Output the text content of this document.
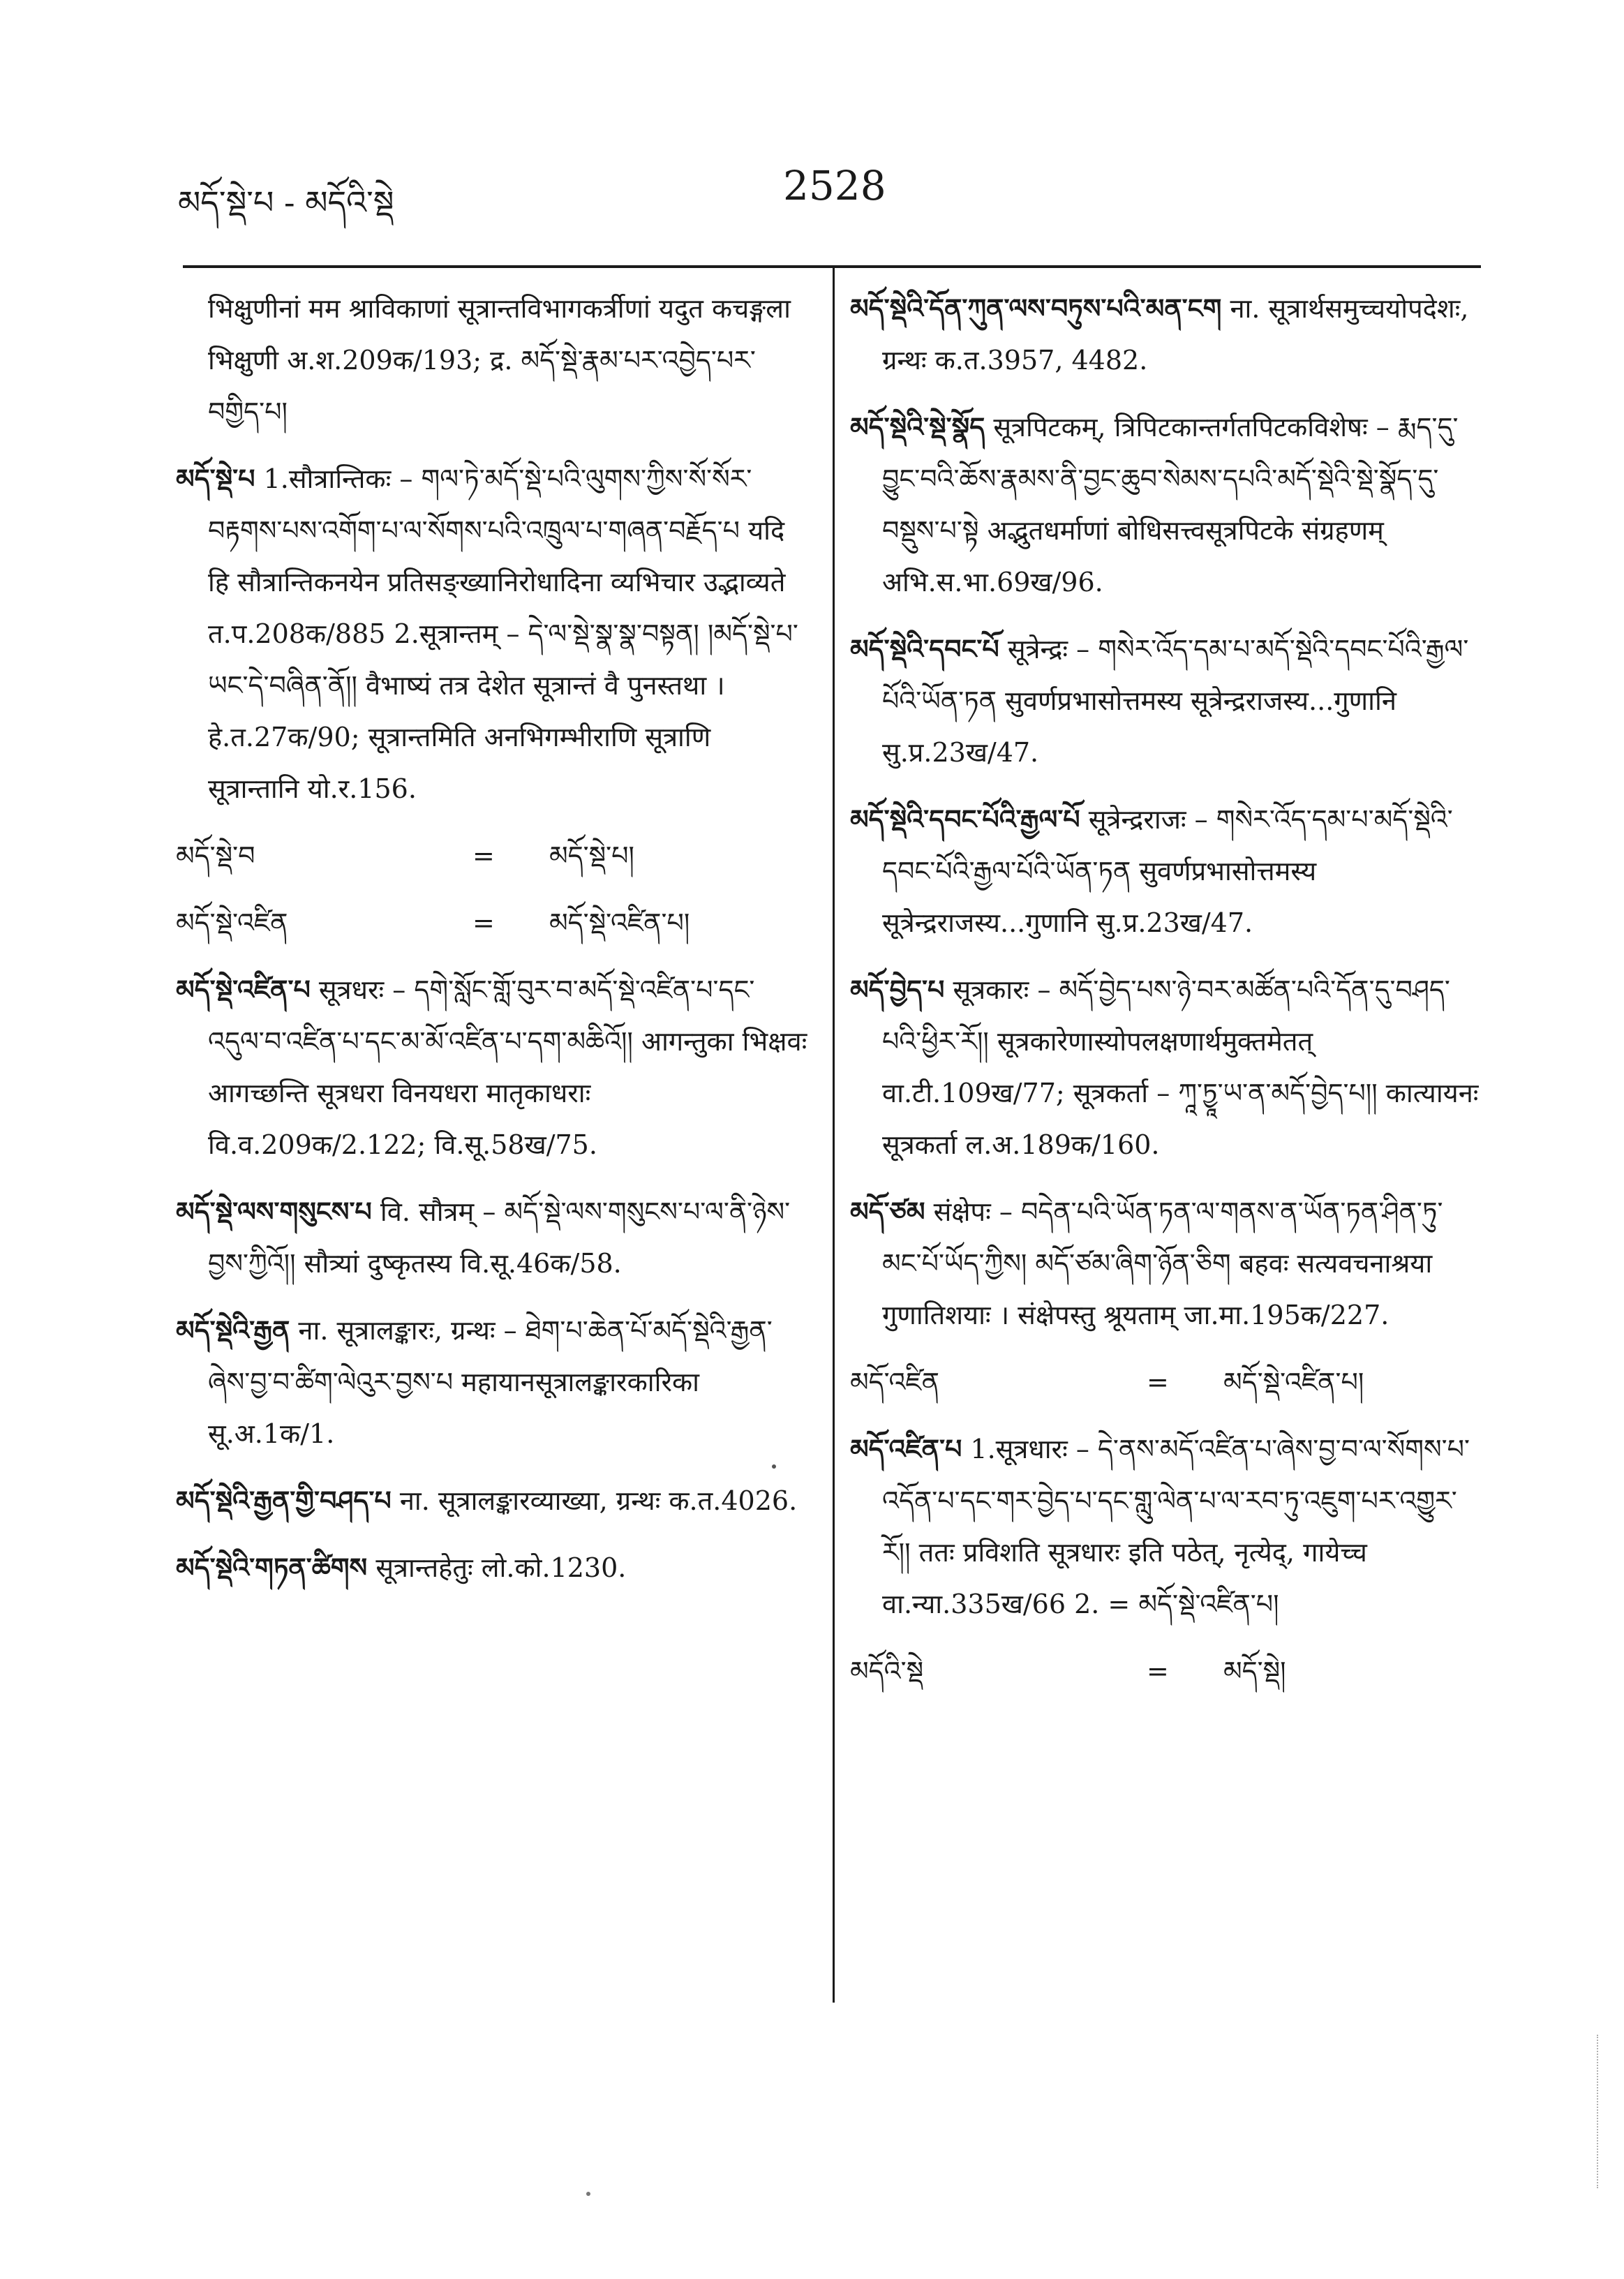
མདོ་སྡེ་པ - མདོའི་སྡེ	2528
भिक्षुणीनां मम श्राविकाणां सूत्रान्तविभागकर्त्रीणां यदुत कचङ्गला भिक्षुणी अ.श.209क/193; द्र. མདོ་སྡེ་རྣམ་པར་འབྱེད་པར་བགྱིད་པ།
མདོ་སྡེ་པ 1.सौत्रान्तिकः – གལ་ཏེ་མདོ་སྡེ་པའི་ལུགས་ཀྱིས་སོ་སོར་བརྟགས་པས་འགོག་པ་ལ་སོགས་པའི་འཁྲུལ་པ་གཞན་བརྗོད་པ यदि हि सौत्रान्तिकनयेन प्रतिसङ्ख्यानिरोधादिना व्यभिचार उद्भाव्यते त.प.208क/885 2.सूत्रान्तम् – དེ་ལ་སྡེ་སྣ་སྣ་བསྟན། །མདོ་སྡེ་པ་ཡང་དེ་བཞིན་ནོ།། वैभाष्यं तत्र देशेत सूत्रान्तं वै पुनस्तथा । हे.त.27क/90; सूत्रान्तमिति अनभिगम्भीराणि सूत्राणि सूत्रान्तानि यो.र.156.
མདོ་སྡེ་བ	=	མདོ་སྡེ་པ།
མདོ་སྡེ་འཛིན	=	མདོ་སྡེ་འཛིན་པ།
མདོ་སྡེ་འཛིན་པ सूत्रधरः – དགེ་སློང་གློ་བུར་བ་མདོ་སྡེ་འཛིན་པ་དང་འདུལ་བ་འཛིན་པ་དང་མ་མོ་འཛིན་པ་དག་མཆིའོ།། आगन्तुका भिक्षवः आगच्छन्ति सूत्रधरा विनयधरा मातृकाधराः वि.व.209क/2.122; वि.सू.58ख/75.
མདོ་སྡེ་ལས་གསུངས་པ वि. सौत्रम् – མདོ་སྡེ་ལས་གསུངས་པ་ལ་ནི་ཉེས་བྱས་ཀྱིའོ།། सौत्र्यां दुष्कृतस्य वि.सू.46क/58.
མདོ་སྡེའི་རྒྱན ना. सूत्रालङ्कारः, ग्रन्थः – ཐེག་པ་ཆེན་པོ་མདོ་སྡེའི་རྒྱན་ཞེས་བྱ་བ་ཚིག་ལེའུར་བྱས་པ महायानसूत्रालङ्कारकारिका सू.अ.1क/1.
མདོ་སྡེའི་རྒྱན་གྱི་བཤད་པ ना. सूत्रालङ्कारव्याख्या, ग्रन्थः क.त.4026.
མདོ་སྡེའི་གཏན་ཚིགས सूत्रान्तहेतुः लो.को.1230.
མདོ་སྡེའི་དོན་ཀུན་ལས་བཏུས་པའི་མན་ངག ना. सूत्रार्थसमुच्चयोपदेशः, ग्रन्थः क.त.3957, 4482.
མདོ་སྡེའི་སྡེ་སྣོད सूत्रपिटकम्, त्रिपिटकान्तर्गतपिटकविशेषः – རྨད་དུ་བྱུང་བའི་ཆོས་རྣམས་ནི་བྱང་ཆུབ་སེམས་དཔའི་མདོ་སྡེའི་སྡེ་སྣོད་དུ་བསྡུས་པ་སྟེ अद्भुतधर्माणां बोधिसत्त्वसूत्रपिटके संग्रहणम् अभि.स.भा.69ख/96.
མདོ་སྡེའི་དབང་པོ सूत्रेन्द्रः – གསེར་འོད་དམ་པ་མདོ་སྡེའི་དབང་པོའི་རྒྱལ་པོའི་ཡོན་ཏན सुवर्णप्रभासोत्तमस्य सूत्रेन्द्रराजस्य...गुणानि सु.प्र.23ख/47.
མདོ་སྡེའི་དབང་པོའི་རྒྱལ་པོ सूत्रेन्द्रराजः – གསེར་འོད་དམ་པ་མདོ་སྡེའི་དབང་པོའི་རྒྱལ་པོའི་ཡོན་ཏན सुवर्णप्रभासोत्तमस्य सूत्रेन्द्रराजस्य...गुणानि सु.प्र.23ख/47.
མདོ་བྱེད་པ सूत्रकारः – མདོ་བྱེད་པས་ཉེ་བར་མཚོན་པའི་དོན་དུ་བཤད་པའི་ཕྱིར་རོ།། सूत्रकारेणास्योपलक्षणार्थमुक्तमेतत् वा.टी.109ख/77; सूत्रकर्ता – ཀཱ་ཏྱཱ་ཡ་ན་མདོ་བྱེད་པ།། कात्यायनः सूत्रकर्ता ल.अ.189क/160.
མདོ་ཙམ संक्षेपः – བདེན་པའི་ཡོན་ཏན་ལ་གནས་ན་ཡོན་ཏན་ཤིན་ཏུ་མང་པོ་ཡོད་ཀྱིས། མདོ་ཙམ་ཞིག་ཉོན་ཅིག बहवः सत्यवचनाश्रया गुणातिशयाः । संक्षेपस्तु श्रूयताम् जा.मा.195क/227.
མདོ་འཛིན	=	མདོ་སྡེ་འཛིན་པ།
མདོ་འཛིན་པ 1.सूत्रधारः – དེ་ནས་མདོ་འཛིན་པ་ཞེས་བྱ་བ་ལ་སོགས་པ་འདོན་པ་དང་གར་བྱེད་པ་དང་གླུ་ལེན་པ་ལ་རབ་ཏུ་འཇུག་པར་འགྱུར་རོ།། ततः प्रविशति सूत्रधारः इति पठेत्, नृत्येद्, गायेच्च वा.न्या.335ख/66 2. = མདོ་སྡེ་འཛིན་པ།
མདོའི་སྡེ	=	མདོ་སྡེ།
